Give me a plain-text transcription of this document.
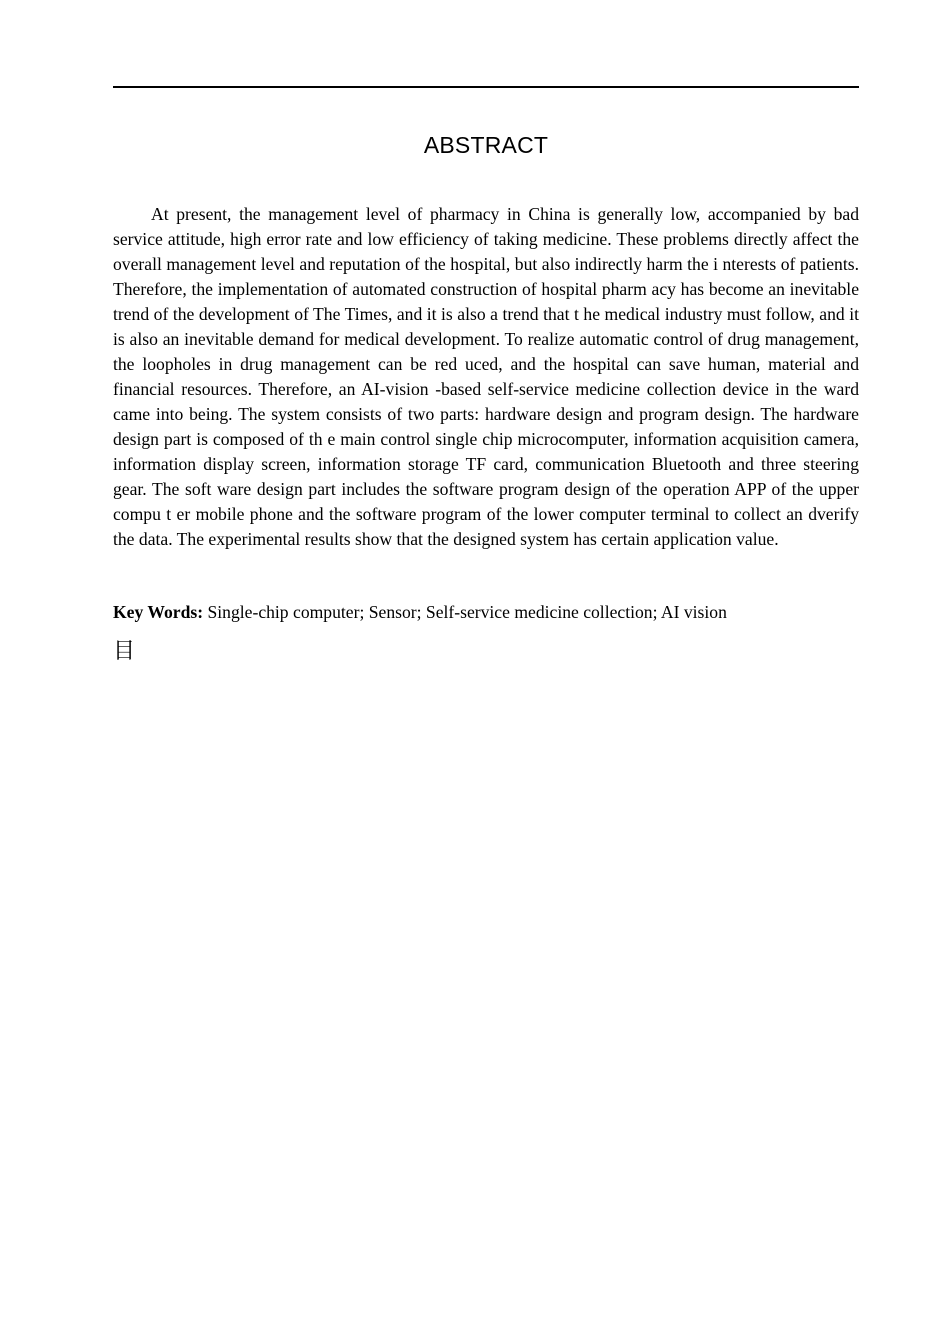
ABSTRACT

At present, the management level of pharmacy in China is generally low, accompanied by bad service attitude, high error rate and low efficiency of taking medicine. These problems directly affect the overall management level and reputation of the hospital, but also indirectly harm the i nterests of patients. Therefore, the implementation of automated construction of hospital pharm acy has become an inevitable trend of the development of The Times, and it is also a trend that t he medical industry must follow, and it is also an inevitable demand for medical development. To realize automatic control of drug management, the loopholes in drug management can be red uced, and the hospital can save human, material and financial resources. Therefore, an AI-vision -based self-service medicine collection device in the ward came into being. The system consists of two parts: hardware design and program design. The hardware design part is composed of th e main control single chip microcomputer, information acquisition camera, information display screen, information storage TF card, communication Bluetooth and three steering gear. The soft ware design part includes the software program design of the operation APP of the upper compu t er mobile phone and the software program of the lower computer terminal to collect an dverify the data. The experimental results show that the designed system has certain application value.

Key Words: Single-chip computer; Sensor; Self-service medicine collection; AI vision

目
